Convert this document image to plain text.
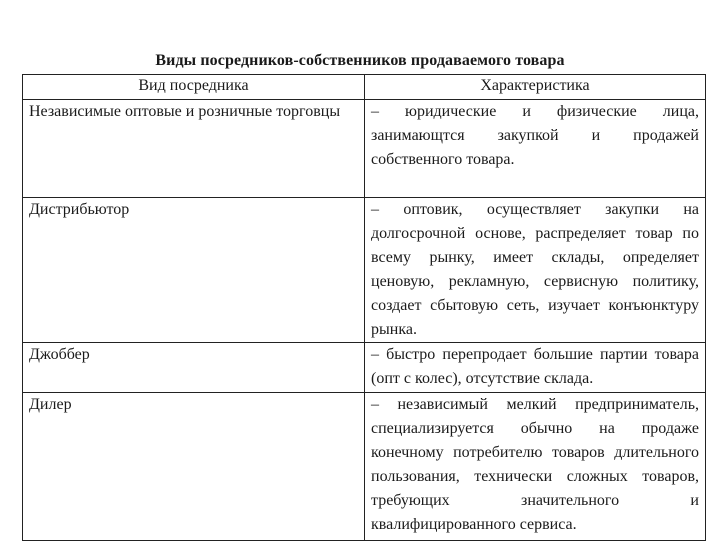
Виды посредников-собственников продаваемого товара
Вид посредника	Характеристика
Независимые оптовые и розничные торговцы	– юридические и физические лица, занимающтся закупкой и продажей собственного товара.
Дистрибьютор	– оптовик, осуществляет закупки на долгосрочной основе, распределяет товар по всему рынку, имеет склады, определяет ценовую, рекламную, сервисную политику, создает сбытовую сеть, изучает конъюнктуру рынка.
Джоббер	– быстро перепродает большие партии товара (опт с колес), отсутствие склада.
Дилер	– независимый мелкий предприниматель, специализируется обычно на продаже конечному потребителю товаров длительного пользования, технически сложных товаров, требующих значительного и квалифицированного сервиса.
